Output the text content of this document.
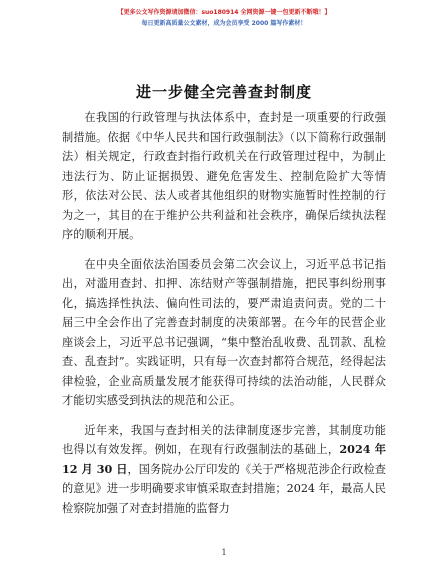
【更多公文写作资源请加微信：suo180914 全网资源一键一包更新不断哦！】
每日更新高质量公文素材，成为会员享受 2000 篇写作素材！
进一步健全完善查封制度

在我国的行政管理与执法体系中，查封是一项重要的行政强制措施。依据《中华人民共和国行政强制法》（以下简称行政强制法）相关规定，行政查封指行政机关在行政管理过程中，为制止违法行为、防止证据损毁、避免危害发生、控制危险扩大等情形，依法对公民、法人或者其他组织的财物实施暂时性控制的行为之一，其目的在于维护公共利益和社会秩序，确保后续执法程序的顺利开展。

在中央全面依法治国委员会第二次会议上，习近平总书记指出，对滥用查封、扣押、冻结财产等强制措施，把民事纠纷刑事化，搞选择性执法、偏向性司法的，要严肃追责问责。党的二十届三中全会作出了完善查封制度的决策部署。在今年的民营企业座谈会上，习近平总书记强调，“集中整治乱收费、乱罚款、乱检查、乱查封”。实践证明，只有每一次查封都符合规范，经得起法律检验，企业高质量发展才能获得可持续的法治动能，人民群众才能切实感受到执法的规范和公正。

近年来，我国与查封相关的法律制度逐步完善，其制度功能也得以有效发挥。例如，在现有行政强制法的基础上，2024 年 12 月 30 日，国务院办公厅印发的《关于严格规范涉企行政检查的意见》进一步明确要求审慎采取查封措施；2024 年，最高人民检察院加强了对查封措施的监督力

1
